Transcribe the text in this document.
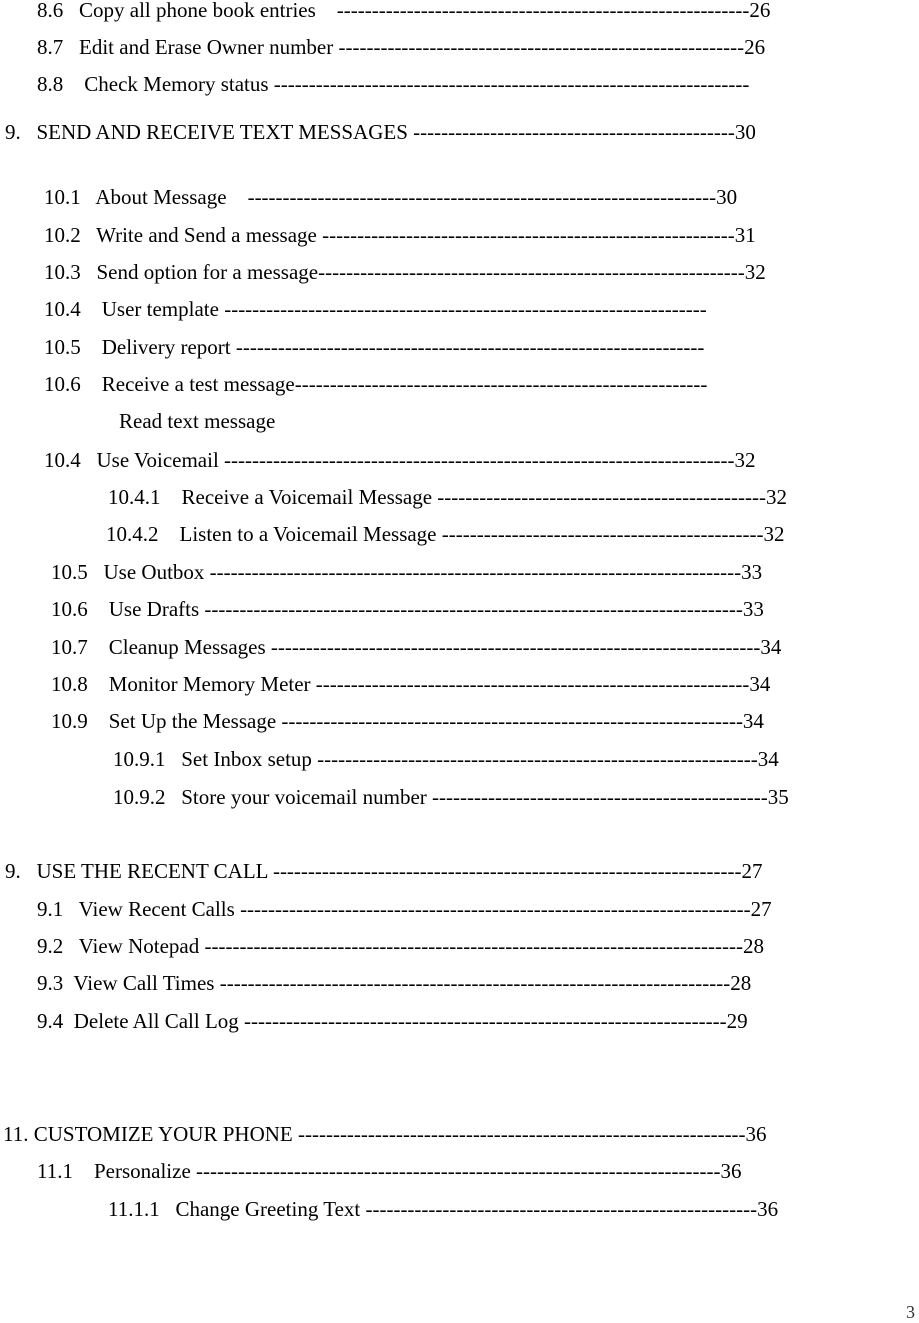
8.6   Copy all phone book entries    -----------------------------------------------------------26
8.7   Edit and Erase Owner number ----------------------------------------------------------26
8.8    Check Memory status --------------------------------------------------------------------
9.   SEND AND RECEIVE TEXT MESSAGES ----------------------------------------------30
10.1   About Message    -------------------------------------------------------------------30
10.2   Write and Send a message -----------------------------------------------------------31
10.3   Send option for a message-------------------------------------------------------------32
10.4    User template ---------------------------------------------------------------------
10.5    Delivery report -------------------------------------------------------------------
10.6    Receive a test message-----------------------------------------------------------
Read text message
10.4   Use Voicemail -------------------------------------------------------------------------32
10.4.1    Receive a Voicemail Message -----------------------------------------------32
10.4.2    Listen to a Voicemail Message ----------------------------------------------32
10.5   Use Outbox ----------------------------------------------------------------------------33
10.6    Use Drafts -----------------------------------------------------------------------------33
10.7    Cleanup Messages ----------------------------------------------------------------------34
10.8    Monitor Memory Meter --------------------------------------------------------------34
10.9    Set Up the Message ------------------------------------------------------------------34
10.9.1   Set Inbox setup ---------------------------------------------------------------34
10.9.2   Store your voicemail number ------------------------------------------------35
9.   USE THE RECENT CALL -------------------------------------------------------------------27
9.1   View Recent Calls -------------------------------------------------------------------------27
9.2   View Notepad -----------------------------------------------------------------------------28
9.3  View Call Times -------------------------------------------------------------------------28
9.4  Delete All Call Log ---------------------------------------------------------------------29
11. CUSTOMIZE YOUR PHONE ----------------------------------------------------------------36
11.1    Personalize ---------------------------------------------------------------------------36
11.1.1   Change Greeting Text --------------------------------------------------------36
3
